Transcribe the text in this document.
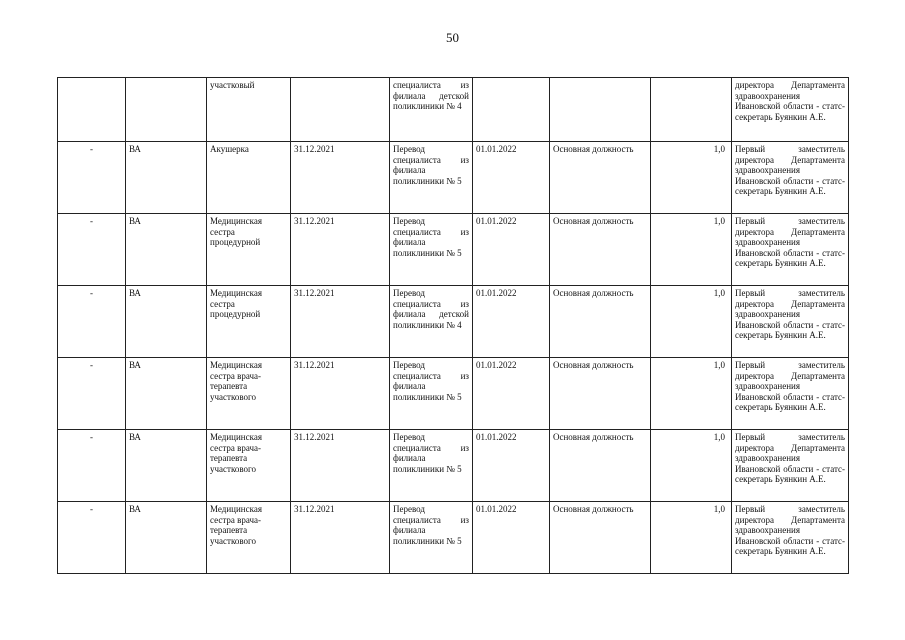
50
		участковый		специалиста из филиала детской поликлиники № 4				директора Департамента здравоохранения Ивановской области - статс-секретарь Буянкин А.Е.
-	ВА	Акушерка	31.12.2021	Перевод специалиста из филиала поликлиники № 5	01.01.2022	Основная должность	1,0	Первый заместитель директора Департамента здравоохранения Ивановской области - статс-секретарь Буянкин А.Е.
-	ВА	Медицинская сестра процедурной	31.12.2021	Перевод специалиста из филиала поликлиники № 5	01.01.2022	Основная должность	1,0	Первый заместитель директора Департамента здравоохранения Ивановской области - статс-секретарь Буянкин А.Е.
-	ВА	Медицинская сестра процедурной	31.12.2021	Перевод специалиста из филиала детской поликлиники № 4	01.01.2022	Основная должность	1,0	Первый заместитель директора Департамента здравоохранения Ивановской области - статс-секретарь Буянкин А.Е.
-	ВА	Медицинская сестра врача-терапевта участкового	31.12.2021	Перевод специалиста из филиала поликлиники № 5	01.01.2022	Основная должность	1,0	Первый заместитель директора Департамента здравоохранения Ивановской области - статс-секретарь Буянкин А.Е.
-	ВА	Медицинская сестра врача-терапевта участкового	31.12.2021	Перевод специалиста из филиала поликлиники № 5	01.01.2022	Основная должность	1,0	Первый заместитель директора Департамента здравоохранения Ивановской области - статс-секретарь Буянкин А.Е.
-	ВА	Медицинская сестра врача-терапевта участкового	31.12.2021	Перевод специалиста из филиала поликлиники № 5	01.01.2022	Основная должность	1,0	Первый заместитель директора Департамента здравоохранения Ивановской области - статс-секретарь Буянкин А.Е.
